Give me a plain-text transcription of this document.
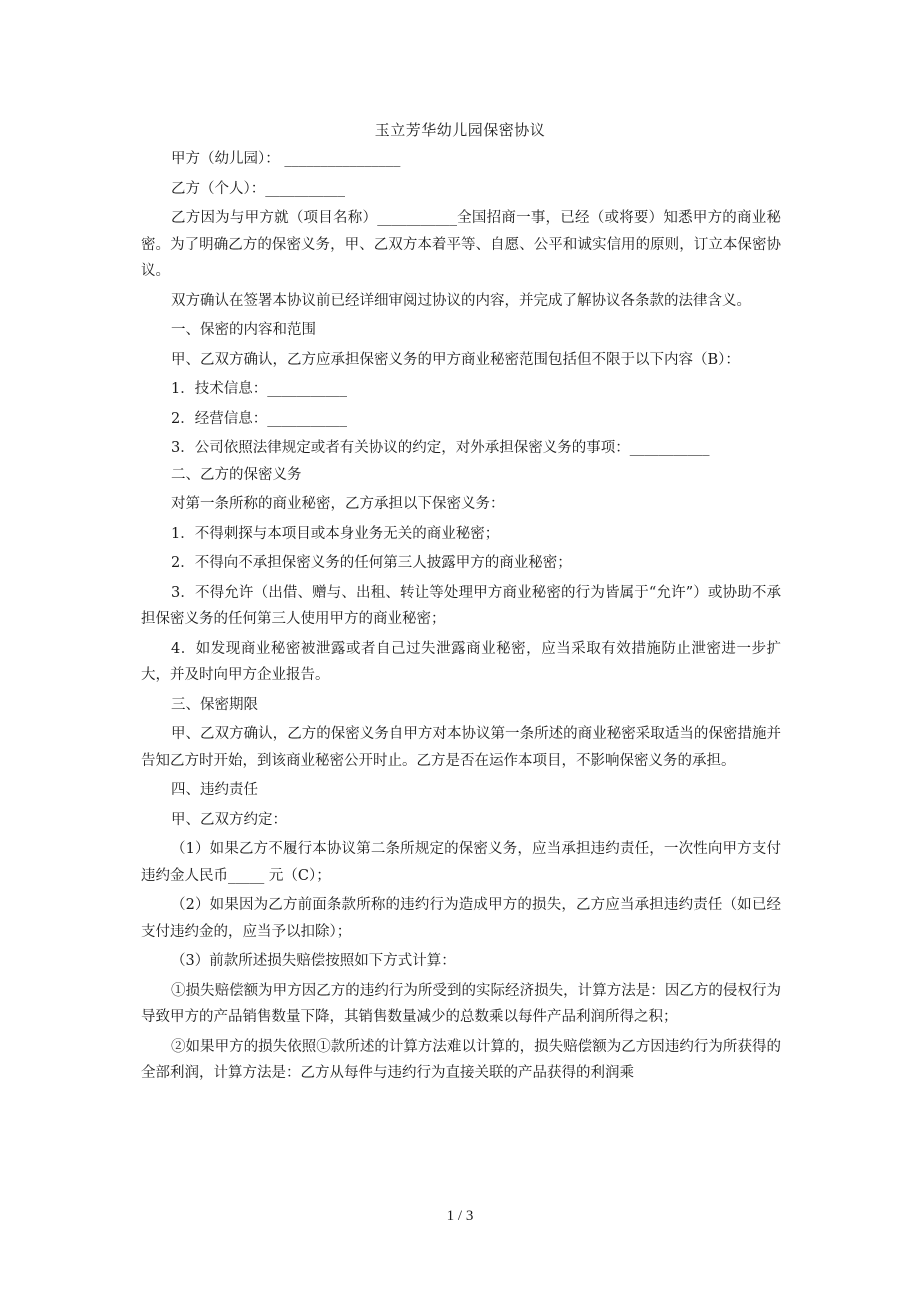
玉立芳华幼儿园保密协议

甲方（幼儿园）： ________________

乙方（个人）：___________

乙方因为与甲方就（项目名称）___________全国招商一事，已经（或将要）知悉甲方的商业秘密。为了明确乙方的保密义务，甲、乙双方本着平等、自愿、公平和诚实信用的原则，订立本保密协议。

双方确认在签署本协议前已经详细审阅过协议的内容，并完成了解协议各条款的法律含义。

一、保密的内容和范围

甲、乙双方确认，乙方应承担保密义务的甲方商业秘密范围包括但不限于以下内容（B）：

1．技术信息：___________

2．经营信息：___________

3．公司依照法律规定或者有关协议的约定，对外承担保密义务的事项：___________

二、乙方的保密义务

对第一条所称的商业秘密，乙方承担以下保密义务：

1．不得刺探与本项目或本身业务无关的商业秘密；

2．不得向不承担保密义务的任何第三人披露甲方的商业秘密；

3．不得允许（出借、赠与、出租、转让等处理甲方商业秘密的行为皆属于“允许”）或协助不承担保密义务的任何第三人使用甲方的商业秘密；

4．如发现商业秘密被泄露或者自己过失泄露商业秘密，应当采取有效措施防止泄密进一步扩大，并及时向甲方企业报告。

三、保密期限

甲、乙双方确认，乙方的保密义务自甲方对本协议第一条所述的商业秘密采取适当的保密措施并告知乙方时开始，到该商业秘密公开时止。乙方是否在运作本项目，不影响保密义务的承担。

四、违约责任

甲、乙双方约定：

（1）如果乙方不履行本协议第二条所规定的保密义务，应当承担违约责任，一次性向甲方支付违约金人民币_____ 元（C）；

（2）如果因为乙方前面条款所称的违约行为造成甲方的损失，乙方应当承担违约责任（如已经支付违约金的，应当予以扣除）；

（3）前款所述损失赔偿按照如下方式计算：

①损失赔偿额为甲方因乙方的违约行为所受到的实际经济损失，计算方法是：因乙方的侵权行为导致甲方的产品销售数量下降，其销售数量减少的总数乘以每件产品利润所得之积；

②如果甲方的损失依照①款所述的计算方法难以计算的，损失赔偿额为乙方因违约行为所获得的全部利润，计算方法是：乙方从每件与违约行为直接关联的产品获得的利润乘

1 / 3
